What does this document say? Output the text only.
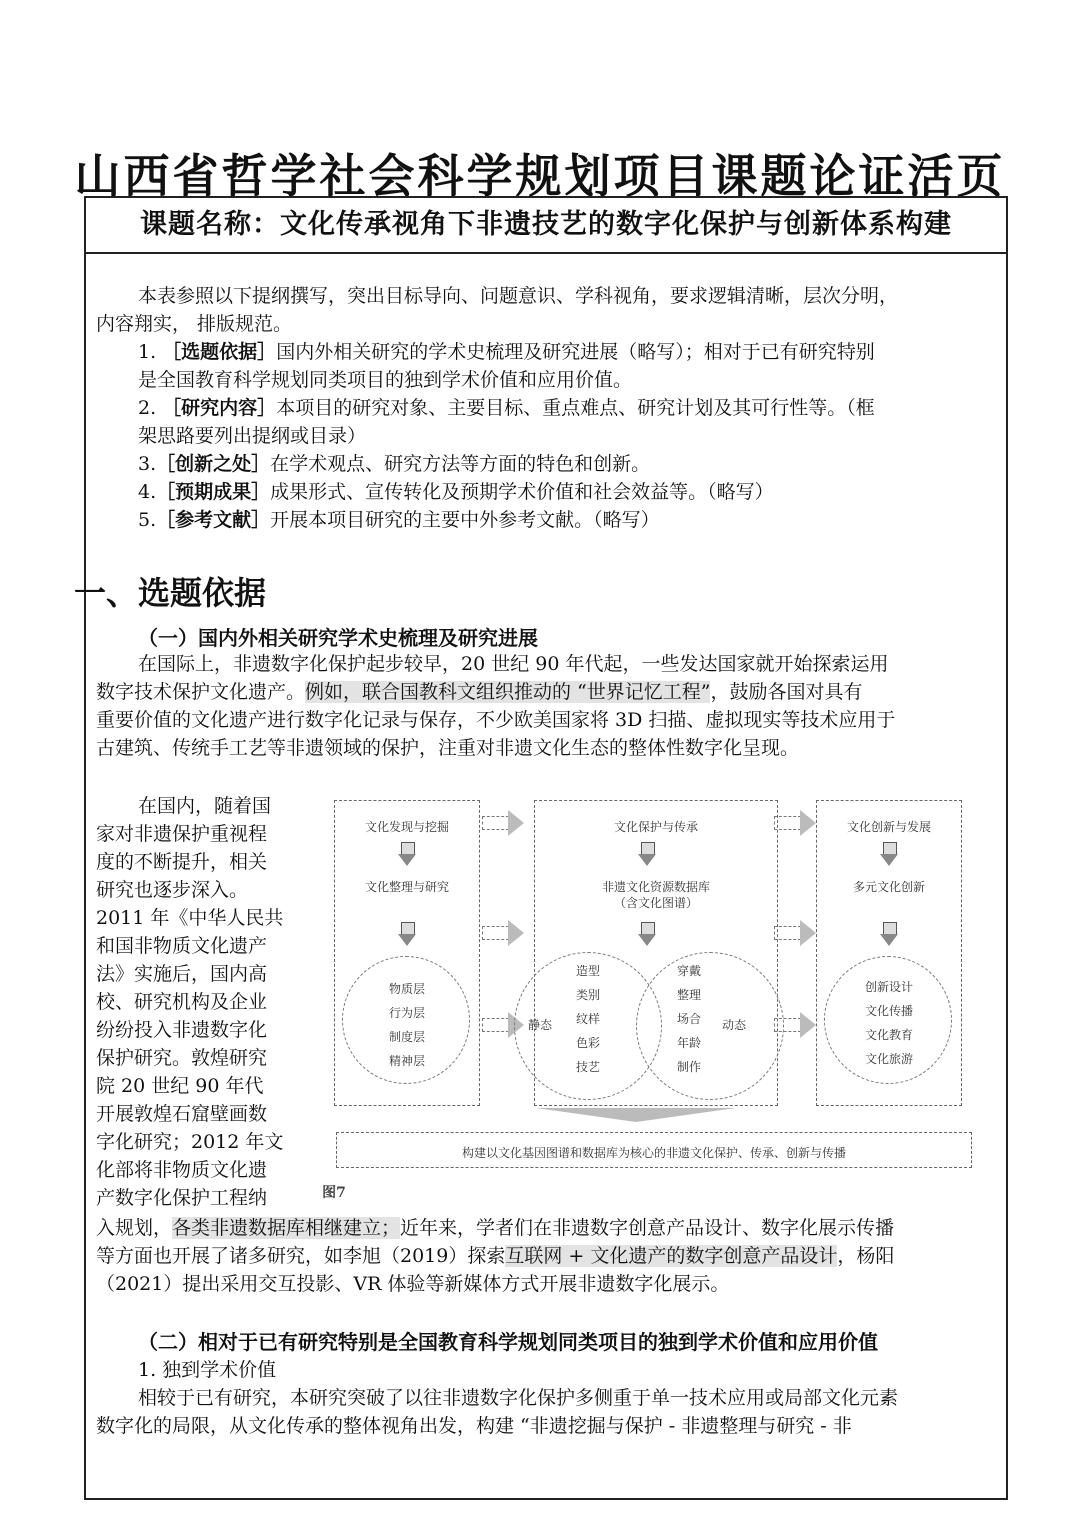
山西省哲学社会科学规划项目课题论证活页
课题名称：文化传承视角下非遗技艺的数字化保护与创新体系构建
本表参照以下提纲撰写，突出目标导向、问题意识、学科视角，要求逻辑清晰，层次分明，
内容翔实， 排版规范。
1. ［选题依据］国内外相关研究的学术史梳理及研究进展（略写）；相对于已有研究特别
是全国教育科学规划同类项目的独到学术价值和应用价值。
2. ［研究内容］本项目的研究对象、主要目标、重点难点、研究计划及其可行性等。（框
架思路要列出提纲或目录）
3.［创新之处］在学术观点、研究方法等方面的特色和创新。
4.［预期成果］成果形式、宣传转化及预期学术价值和社会效益等。（略写）
5.［参考文献］开展本项目研究的主要中外参考文献。（略写）
一、选题依据
（一）国内外相关研究学术史梳理及研究进展
在国际上，非遗数字化保护起步较早，20 世纪 90 年代起，一些发达国家就开始探索运用
数字技术保护文化遗产。例如，联合国教科文组织推动的 “世界记忆工程”，鼓励各国对具有
重要价值的文化遗产进行数字化记录与保存，不少欧美国家将 3D 扫描、虚拟现实等技术应用于
古建筑、传统手工艺等非遗领域的保护，注重对非遗文化生态的整体性数字化呈现。
在国内，随着国
家对非遗保护重视程
度的不断提升，相关
研究也逐步深入。
2011 年《中华人民共
和国非物质文化遗产
法》实施后，国内高
校、研究机构及企业
纷纷投入非遗数字化
保护研究。敦煌研究
院 20 世纪 90 年代
开展敦煌石窟壁画数
字化研究；2012 年文
化部将非物质文化遗
产数字化保护工程纳
入规划，各类非遗数据库相继建立；近年来，学者们在非遗数字创意产品设计、数字化展示传播
等方面也开展了诸多研究，如李旭（2019）探索互联网 + 文化遗产的数字创意产品设计，杨阳
（2021）提出采用交互投影、VR 体验等新媒体方式开展非遗数字化展示。
（二）相对于已有研究特别是全国教育科学规划同类项目的独到学术价值和应用价值
1. 独到学术价值
相较于已有研究，本研究突破了以往非遗数字化保护多侧重于单一技术应用或局部文化元素
数字化的局限，从文化传承的整体视角出发，构建 “非遗挖掘与保护 - 非遗整理与研究 - 非
文化发现与挖掘
文化整理与研究
物质层
行为层
制度层
精神层
文化保护与传承
非遗文化资源数据库
（含文化图谱）
静态	动态
造型
类别
纹样
色彩
技艺
穿戴
整理
场合
年龄
制作
文化创新与发展
多元文化创新
创新设计
文化传播
文化教育
文化旅游
构建以文化基因图谱和数据库为核心的非遗文化保护、传承、创新与传播
图7
